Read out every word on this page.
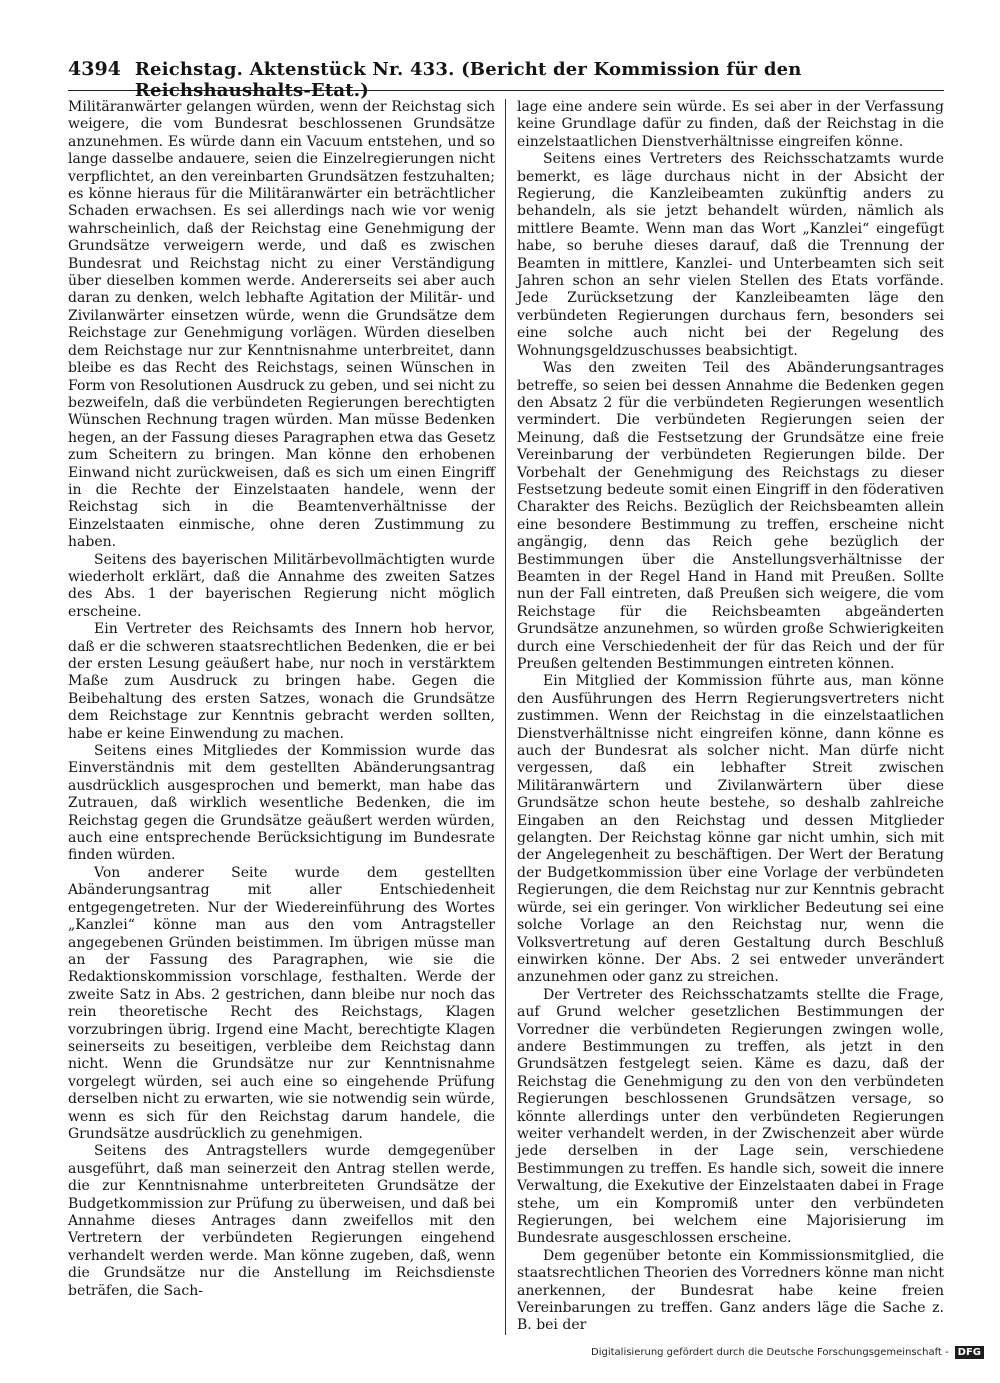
4394 Reichstag. Aktenstück Nr. 433. (Bericht der Kommission für den Reichshaushalts-Etat.)

Militäranwärter gelangen würden, wenn der Reichstag sich weigere, die vom Bundesrat beschlossenen Grundsätze anzunehmen. Es würde dann ein Vacuum entstehen, und so lange dasselbe andauere, seien die Einzelregierungen nicht verpflichtet, an den vereinbarten Grundsätzen festzuhalten; es könne hieraus für die Militäranwärter ein beträchtlicher Schaden erwachsen. Es sei allerdings nach wie vor wenig wahrscheinlich, daß der Reichstag eine Genehmigung der Grundsätze verweigern werde, und daß es zwischen Bundesrat und Reichstag nicht zu einer Verständigung über dieselben kommen werde. Andererseits sei aber auch daran zu denken, welch lebhafte Agitation der Militär- und Zivilanwärter einsetzen würde, wenn die Grundsätze dem Reichstage zur Genehmigung vorlägen. Würden dieselben dem Reichstage nur zur Kenntnisnahme unterbreitet, dann bleibe es das Recht des Reichstags, seinen Wünschen in Form von Resolutionen Ausdruck zu geben, und sei nicht zu bezweifeln, daß die verbündeten Regierungen berechtigten Wünschen Rechnung tragen würden. Man müsse Bedenken hegen, an der Fassung dieses Paragraphen etwa das Gesetz zum Scheitern zu bringen. Man könne den erhobenen Einwand nicht zurückweisen, daß es sich um einen Eingriff in die Rechte der Einzelstaaten handele, wenn der Reichstag sich in die Beamtenverhältnisse der Einzelstaaten einmische, ohne deren Zustimmung zu haben.

Seitens des bayerischen Militärbevollmächtigten wurde wiederholt erklärt, daß die Annahme des zweiten Satzes des Abs. 1 der bayerischen Regierung nicht möglich erscheine.

Ein Vertreter des Reichsamts des Innern hob hervor, daß er die schweren staatsrechtlichen Bedenken, die er bei der ersten Lesung geäußert habe, nur noch in verstärktem Maße zum Ausdruck zu bringen habe. Gegen die Beibehaltung des ersten Satzes, wonach die Grundsätze dem Reichstage zur Kenntnis gebracht werden sollten, habe er keine Einwendung zu machen.

Seitens eines Mitgliedes der Kommission wurde das Einverständnis mit dem gestellten Abänderungsantrag ausdrücklich ausgesprochen und bemerkt, man habe das Zutrauen, daß wirklich wesentliche Bedenken, die im Reichstag gegen die Grundsätze geäußert werden würden, auch eine entsprechende Berücksichtigung im Bundesrate finden würden.

Von anderer Seite wurde dem gestellten Abänderungsantrag mit aller Entschiedenheit entgegengetreten. Nur der Wiedereinführung des Wortes „Kanzlei“ könne man aus den vom Antragsteller angegebenen Gründen beistimmen. Im übrigen müsse man an der Fassung des Paragraphen, wie sie die Redaktionskommission vorschlage, festhalten. Werde der zweite Satz in Abs. 2 gestrichen, dann bleibe nur noch das rein theoretische Recht des Reichstags, Klagen vorzubringen übrig. Irgend eine Macht, berechtigte Klagen seinerseits zu beseitigen, verbleibe dem Reichstag dann nicht. Wenn die Grundsätze nur zur Kenntnisnahme vorgelegt würden, sei auch eine so eingehende Prüfung derselben nicht zu erwarten, wie sie notwendig sein würde, wenn es sich für den Reichstag darum handele, die Grundsätze ausdrücklich zu genehmigen.

Seitens des Antragstellers wurde demgegenüber ausgeführt, daß man seinerzeit den Antrag stellen werde, die zur Kenntnisnahme unterbreiteten Grundsätze der Budgetkommission zur Prüfung zu überweisen, und daß bei Annahme dieses Antrages dann zweifellos mit den Vertretern der verbündeten Regierungen eingehend verhandelt werden werde. Man könne zugeben, daß, wenn die Grundsätze nur die Anstellung im Reichsdienste beträfen, die Sach-

lage eine andere sein würde. Es sei aber in der Verfassung keine Grundlage dafür zu finden, daß der Reichstag in die einzelstaatlichen Dienstverhältnisse eingreifen könne.

Seitens eines Vertreters des Reichsschatzamts wurde bemerkt, es läge durchaus nicht in der Absicht der Regierung, die Kanzleibeamten zukünftig anders zu behandeln, als sie jetzt behandelt würden, nämlich als mittlere Beamte. Wenn man das Wort „Kanzlei“ eingefügt habe, so beruhe dieses darauf, daß die Trennung der Beamten in mittlere, Kanzlei- und Unterbeamten sich seit Jahren schon an sehr vielen Stellen des Etats vorfände. Jede Zurücksetzung der Kanzleibeamten läge den verbündeten Regierungen durchaus fern, besonders sei eine solche auch nicht bei der Regelung des Wohnungsgeldzuschusses beabsichtigt.

Was den zweiten Teil des Abänderungsantrages betreffe, so seien bei dessen Annahme die Bedenken gegen den Absatz 2 für die verbündeten Regierungen wesentlich vermindert. Die verbündeten Regierungen seien der Meinung, daß die Festsetzung der Grundsätze eine freie Vereinbarung der verbündeten Regierungen bilde. Der Vorbehalt der Genehmigung des Reichstags zu dieser Festsetzung bedeute somit einen Eingriff in den föderativen Charakter des Reichs. Bezüglich der Reichsbeamten allein eine besondere Bestimmung zu treffen, erscheine nicht angängig, denn das Reich gehe bezüglich der Bestimmungen über die Anstellungsverhältnisse der Beamten in der Regel Hand in Hand mit Preußen. Sollte nun der Fall eintreten, daß Preußen sich weigere, die vom Reichstage für die Reichsbeamten abgeänderten Grundsätze anzunehmen, so würden große Schwierigkeiten durch eine Verschiedenheit der für das Reich und der für Preußen geltenden Bestimmungen eintreten können.

Ein Mitglied der Kommission führte aus, man könne den Ausführungen des Herrn Regierungsvertreters nicht zustimmen. Wenn der Reichstag in die einzelstaatlichen Dienstverhältnisse nicht eingreifen könne, dann könne es auch der Bundesrat als solcher nicht. Man dürfe nicht vergessen, daß ein lebhafter Streit zwischen Militäranwärtern und Zivilanwärtern über diese Grundsätze schon heute bestehe, so deshalb zahlreiche Eingaben an den Reichstag und dessen Mitglieder gelangten. Der Reichstag könne gar nicht umhin, sich mit der Angelegenheit zu beschäftigen. Der Wert der Beratung der Budgetkommission über eine Vorlage der verbündeten Regierungen, die dem Reichstag nur zur Kenntnis gebracht würde, sei ein geringer. Von wirklicher Bedeutung sei eine solche Vorlage an den Reichstag nur, wenn die Volksvertretung auf deren Gestaltung durch Beschluß einwirken könne. Der Abs. 2 sei entweder unverändert anzunehmen oder ganz zu streichen.

Der Vertreter des Reichsschatzamts stellte die Frage, auf Grund welcher gesetzlichen Bestimmungen der Vorredner die verbündeten Regierungen zwingen wolle, andere Bestimmungen zu treffen, als jetzt in den Grundsätzen festgelegt seien. Käme es dazu, daß der Reichstag die Genehmigung zu den von den verbündeten Regierungen beschlossenen Grundsätzen versage, so könnte allerdings unter den verbündeten Regierungen weiter verhandelt werden, in der Zwischenzeit aber würde jede derselben in der Lage sein, verschiedene Bestimmungen zu treffen. Es handle sich, soweit die innere Verwaltung, die Exekutive der Einzelstaaten dabei in Frage stehe, um ein Kompromiß unter den verbündeten Regierungen, bei welchem eine Majorisierung im Bundesrate ausgeschlossen erscheine.

Dem gegenüber betonte ein Kommissionsmitglied, die staatsrechtlichen Theorien des Vorredners könne man nicht anerkennen, der Bundesrat habe keine freien Vereinbarungen zu treffen. Ganz anders läge die Sache z. B. bei der

Digitalisierung gefördert durch die Deutsche Forschungsgemeinschaft - DFG
